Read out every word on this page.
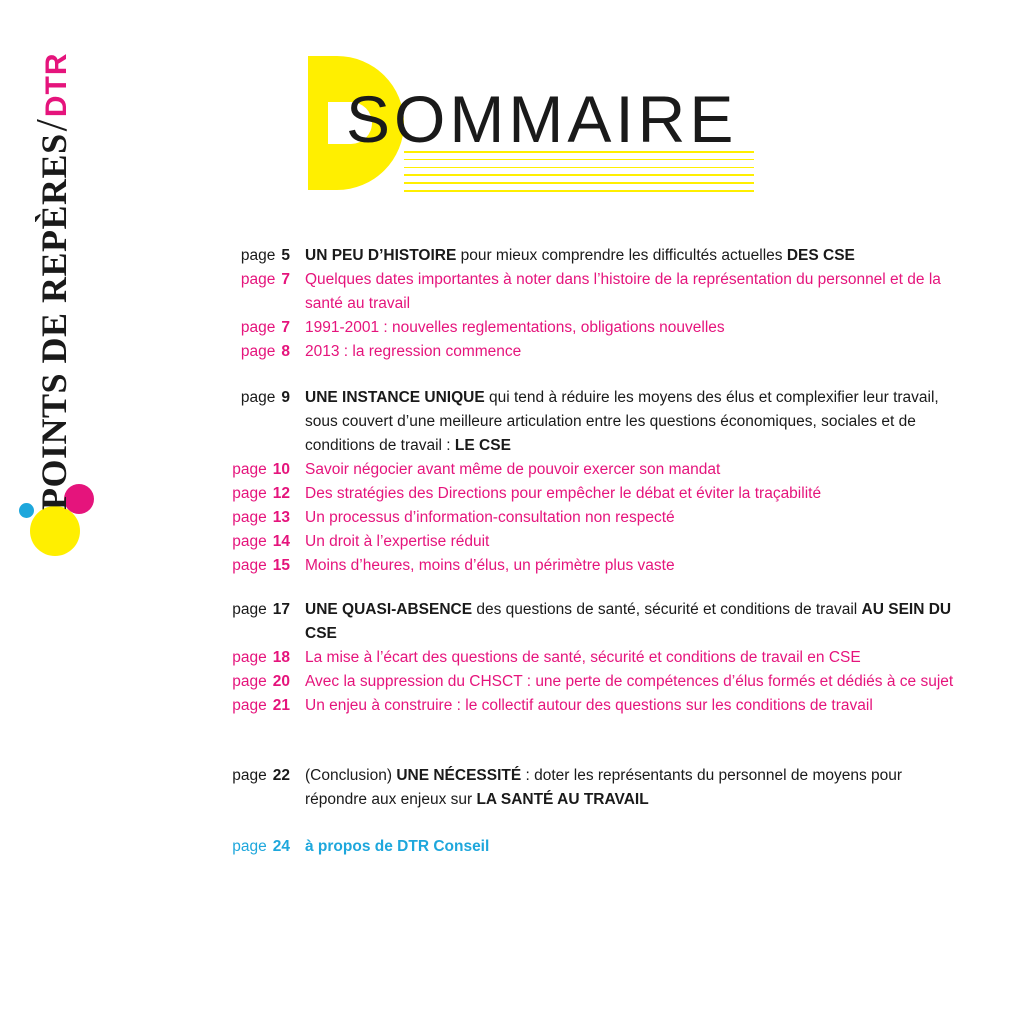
POINTS DE REPÈRES
/
DTR	SOMMAIRE
page 5 UN PEU D’HISTOIRE pour mieux comprendre les difficultés actuelles DES CSE
page 7 Quelques dates importantes à noter dans l’histoire de la représentation du personnel et de la santé au travail
page 7 1991-2001 : nouvelles reglementations, obligations nouvelles
page 8 2013 : la regression commence
page 9 UNE INSTANCE UNIQUE qui tend à réduire les moyens des élus et complexifier leur travail, sous couvert d’une meilleure articulation entre les questions économiques, sociales et de conditions de travail : LE CSE
page 10 Savoir négocier avant même de pouvoir exercer son mandat
page 12 Des stratégies des Directions pour empêcher le débat et éviter la traçabilité
page 13 Un processus d’information-consultation non respecté
page 14 Un droit à l’expertise réduit
page 15 Moins d’heures, moins d’élus, un périmètre plus vaste
page 17 UNE QUASI-ABSENCE des questions de santé, sécurité et conditions de travail AU SEIN DU CSE
page 18 La mise à l’écart des questions de santé, sécurité et conditions de travail en CSE
page 20 Avec la suppression du CHSCT : une perte de compétences d’élus formés et dédiés à ce sujet
page 21 Un enjeu à construire : le collectif autour des questions sur les conditions de travail
page 22 (Conclusion) UNE NÉCESSITÉ : doter les représentants du personnel de moyens pour répondre aux enjeux sur LA SANTÉ AU TRAVAIL
page 24 à propos de DTR Conseil
